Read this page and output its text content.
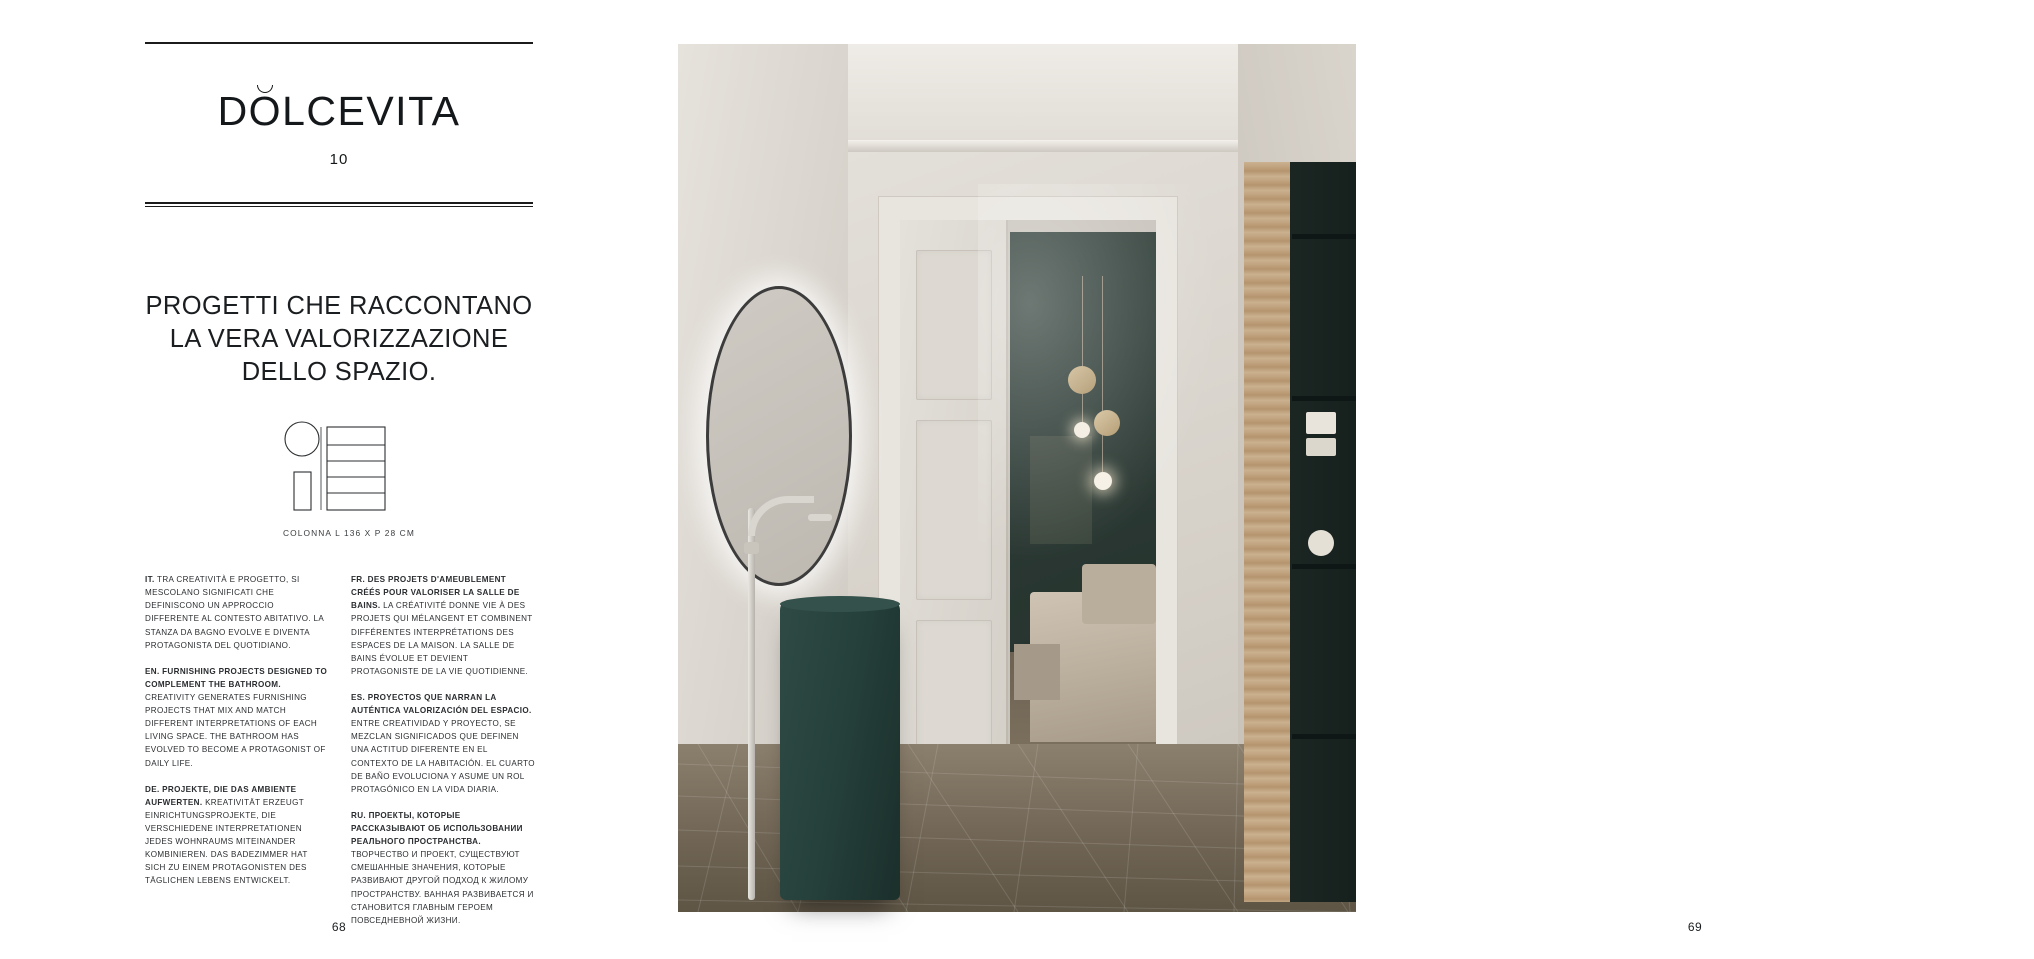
DOLCEVITA
10
PROGETTI CHE RACCONTANO
LA VERA VALORIZZAZIONE
DELLO SPAZIO.
COLONNA L 136 X P 28 CM

IT. TRA CREATIVITÀ E PROGETTO, SI MESCOLANO SIGNIFICATI CHE DEFINISCONO UN APPROCCIO DIFFERENTE AL CONTESTO ABITATIVO. LA STANZA DA BAGNO EVOLVE E DIVENTA PROTAGONISTA DEL QUOTIDIANO.

EN. FURNISHING PROJECTS DESIGNED TO COMPLEMENT THE BATHROOM. CREATIVITY GENERATES FURNISHING PROJECTS THAT MIX AND MATCH DIFFERENT INTERPRETATIONS OF EACH LIVING SPACE. THE BATHROOM HAS EVOLVED TO BECOME A PROTAGONIST OF DAILY LIFE.

DE. PROJEKTE, DIE DAS AMBIENTE AUFWERTEN. KREATIVITÄT ERZEUGT EINRICHTUNGSPROJEKTE, DIE VERSCHIEDENE INTERPRETATIONEN JEDES WOHNRAUMS MITEINANDER KOMBINIEREN. DAS BADEZIMMER HAT SICH ZU EINEM PROTAGONISTEN DES TÄGLICHEN LEBENS ENTWICKELT.

FR. DES PROJETS D'AMEUBLEMENT CRÉÉS POUR VALORISER LA SALLE DE BAINS. LA CRÉATIVITÉ DONNE VIE À DES PROJETS QUI MÉLANGENT ET COMBINENT DIFFÉRENTES INTERPRÉTATIONS DES ESPACES DE LA MAISON. LA SALLE DE BAINS ÉVOLUE ET DEVIENT PROTAGONISTE DE LA VIE QUOTIDIENNE.

ES. PROYECTOS QUE NARRAN LA AUTÉNTICA VALORIZACIÓN DEL ESPACIO. ENTRE CREATIVIDAD Y PROYECTO, SE MEZCLAN SIGNIFICADOS QUE DEFINEN UNA ACTITUD DIFERENTE EN EL CONTEXTO DE LA HABITACIÓN. EL CUARTO DE BAÑO EVOLUCIONA Y ASUME UN ROL PROTAGÓNICO EN LA VIDA DIARIA.

RU. ПРОЕКТЫ, КОТОРЫЕ РАССКАЗЫВАЮТ ОБ ИСПОЛЬЗОВАНИИ РЕАЛЬНОГО ПРОСТРАНСТВА. ТВОРЧЕСТВО И ПРОЕКТ, СУЩЕСТВУЮТ СМЕШАННЫЕ ЗНАЧЕНИЯ, КОТОРЫЕ РАЗВИВАЮТ ДРУГОЙ ПОДХОД К ЖИЛОМУ ПРОСТРАНСТВУ. ВАННАЯ РАЗВИВАЕТСЯ И СТАНОВИТСЯ ГЛАВНЫМ ГЕРОЕМ ПОВСЕДНЕВНОЙ ЖИЗНИ.

68	69
